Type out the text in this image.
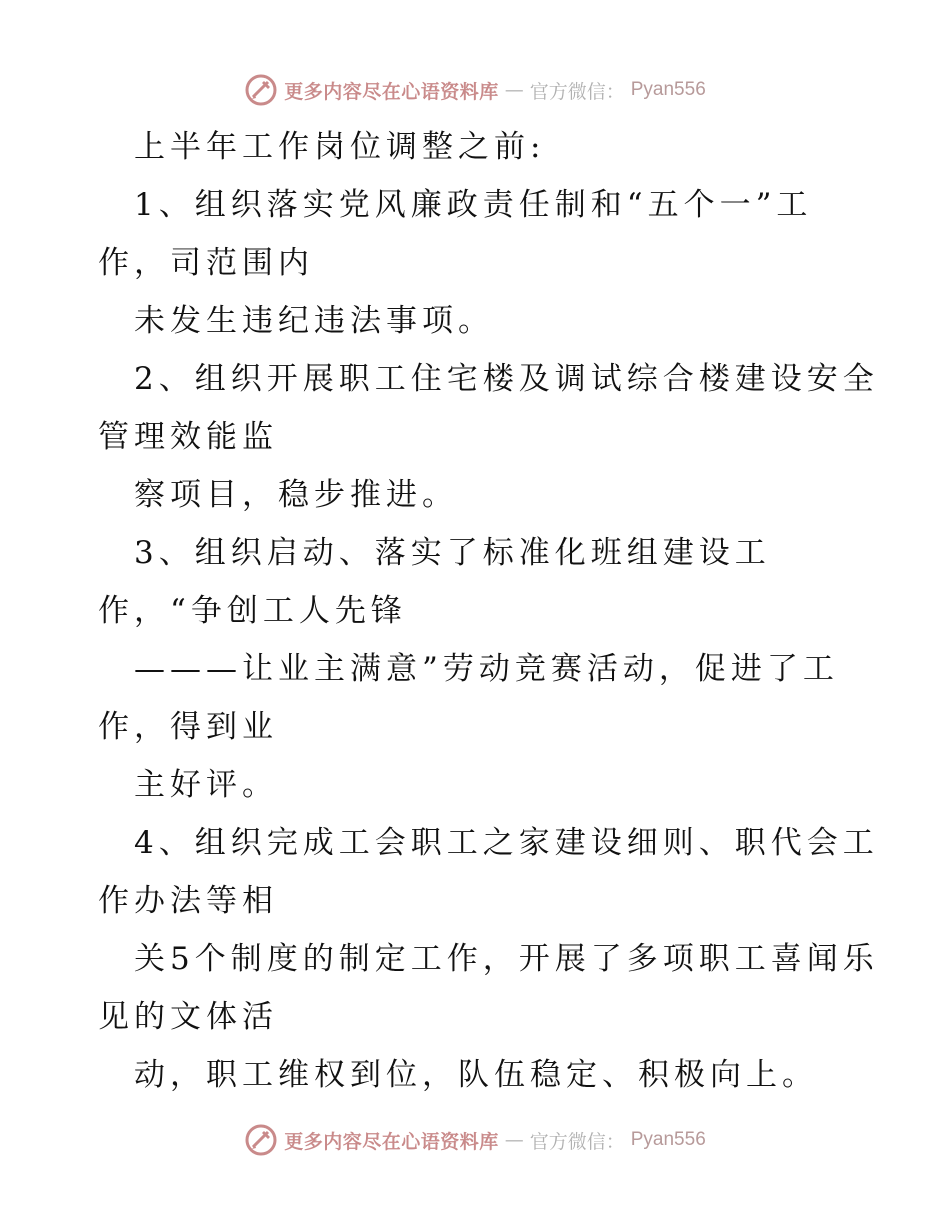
更多内容尽在心语资料库 — 官方微信： Pyan556
上半年工作岗位调整之前:
1、组织落实党风廉政责任制和“五个一”工
作，司范围内
未发生违纪违法事项。
2、组织开展职工住宅楼及调试综合楼建设安全
管理效能监
察项目，稳步推进。
3、组织启动、落实了标准化班组建设工
作，“争创工人先锋
———让业主满意”劳动竞赛活动，促进了工
作，得到业
主好评。
4、组织完成工会职工之家建设细则、职代会工
作办法等相
关5个制度的制定工作，开展了多项职工喜闻乐
见的文体活
动，职工维权到位，队伍稳定、积极向上。
更多内容尽在心语资料库 — 官方微信： Pyan556
